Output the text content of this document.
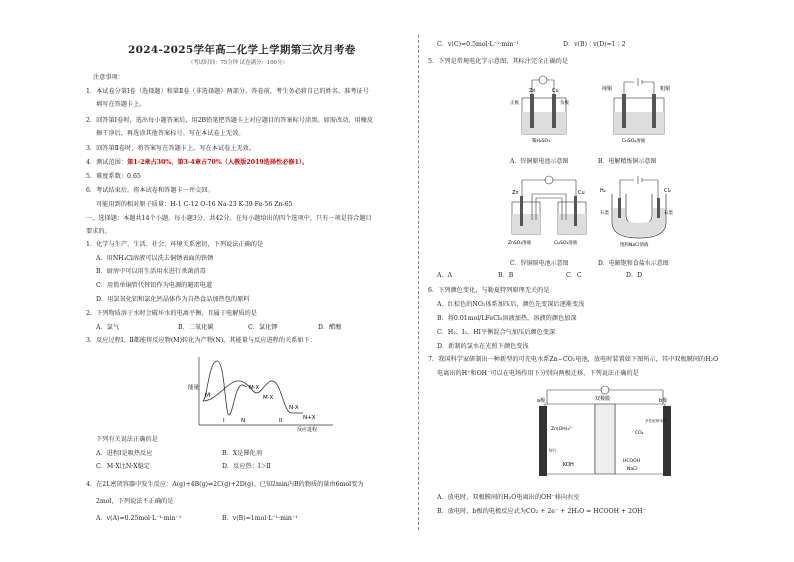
2024-2025学年高二化学上学期第三次月考卷
（考试时间：75分钟 试卷满分：100分）
注意事项：
1．本试卷分第Ⅰ卷（选择题）和第Ⅱ卷（非选择题）两部分。答卷前，考生务必将自己的姓名、准考证号
填写在答题卡上。
2．回答第Ⅰ卷时，选出每小题答案后，用2B铅笔把答题卡上对应题目的答案标号涂黑。如需改动，用橡皮
擦干净后，再选涂其他答案标号。写在本试卷上无效。
3．回答第Ⅱ卷时，将答案写在答题卡上。写在本试卷上无效。
4．测试范围：第1-2章占30%，第3-4章占70%（人教版2019选择性必修1）。
5．难度系数：0.65
6．考试结束后，将本试卷和答题卡一并交回。
可能用到的相对原子质量：H-1 C-12 O-16 Na-23 K-39 Fe-56 Zn-65
一、选择题：本题共14个小题，每小题3分，共42分。在每小题给出的四个选项中，只有一项是符合题目
要求的。
1．化学与生产、生活、社会、环境关系密切，下列说法正确的是
A．用NH₄Cl溶液可以洗去铜锈表面的铁锈
B．厨房中可以用生活用水进行杀菌消毒
C．用简单铜管代替铝作为电源的避雷电道
D．用氯氧化铝和氯化钙晶体作为自热食品加热包的原料
2．下列物质溶于水时会破坏水的电离平衡，且属于电解质的是
A．氯气	B．二氧化碳	C．氯化钾	D．醋酸
3．反应过程Ⅰ、Ⅱ都能将反应物(M)转化为产物(N)，其能量与反应进程的关系如下：
能量
M
M·X
M·X
N·X
N+X
I	N	II
反应进程
下列有关说法正确的是
A．进程Ⅰ是吸热反应	B．X是催化剂
C．M·X比N·X稳定	D．反应热：Ⅰ＞Ⅱ
4．在2L密闭容器中发生反应：A(g)+4B(g)⇌2C(g)+2D(g)。已知2min内B的物质的量由6mol变为
2mol，下列说法不正确的是
A．v(A)=0.25mol·L⁻¹·min⁻¹	B．v(B)=1mol·L⁻¹·min⁻¹
C．v(C)=0.5mol·L⁻¹·min⁻¹	D．v(B)∶v(D)=1∶2
5．下列是常规电化学示意图，其标注完全正确的是
Zn	Cu
正极	负极
稀H₂SO₄
A．锌铜原电池示意图
纯铜	粗铜
CuSO₄溶液
B．电解精炼铜示意图
Zn	Cu
ZnSO₄溶液	CuSO₄溶液
C．锌铜原电池示意图
H₂	Cl₂
石墨	石墨
饱和NaCl溶液
D．电解饱和食盐水示意图
A．A	B．B	C．C	D．D
6．下列颜色变化，与勒夏特列原理无关的是
A．红棕色的NO₂体系加压后，颜色先变深后逐渐变浅
B．将0.01mol/LFeCl₃溶液加热，溶液的颜色加深
C．H₂、I₂、HI平衡混合气加压后颜色变深
D．新制的氯水在光照下颜色变浅
7．我国科学家研制出一种新型的可充电水系Zn−CO₂电池，放电时装置如下图所示，其中双极膜间的H₂O
电离出的H⁺和OH⁻可以在电场作用下分别向两极迁移，下列说法正确的是
a极	b极
双极膜
Zn(OH)₄²⁻
CO₂
KOH
HCOOH
NaCl
锌片
多孔钯纳米片
A．放电时，双极膜间的H₂O电离出的OH⁻移向右室
B．放电时，b极的电极反应式为CO₂ + 2e⁻ + 2H₂O = HCOOH + 2OH⁻
